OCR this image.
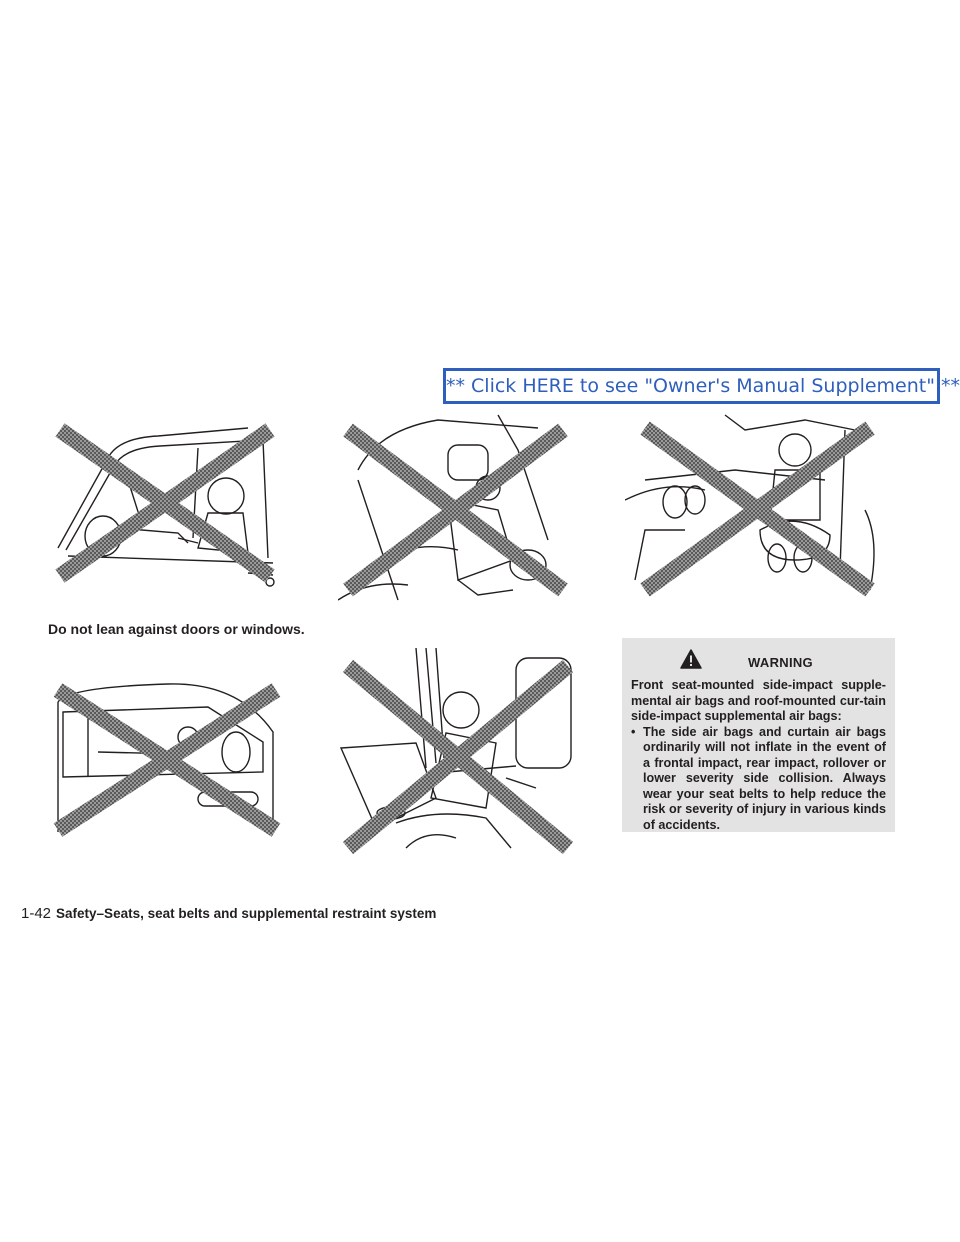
** Click HERE to see "Owner's Manual Supplement" **
Do not lean against doors or windows.
WARNING

Front seat-mounted side-impact supple-mental air bags and roof-mounted cur-tain side-impact supplemental air bags:

• The side air bags and curtain air bags ordinarily will not inflate in the event of a frontal impact, rear impact, rollover or lower severity side collision. Always wear your seat belts to help reduce the risk or severity of injury in various kinds of accidents.
1-42 Safety–Seats, seat belts and supplemental restraint system
